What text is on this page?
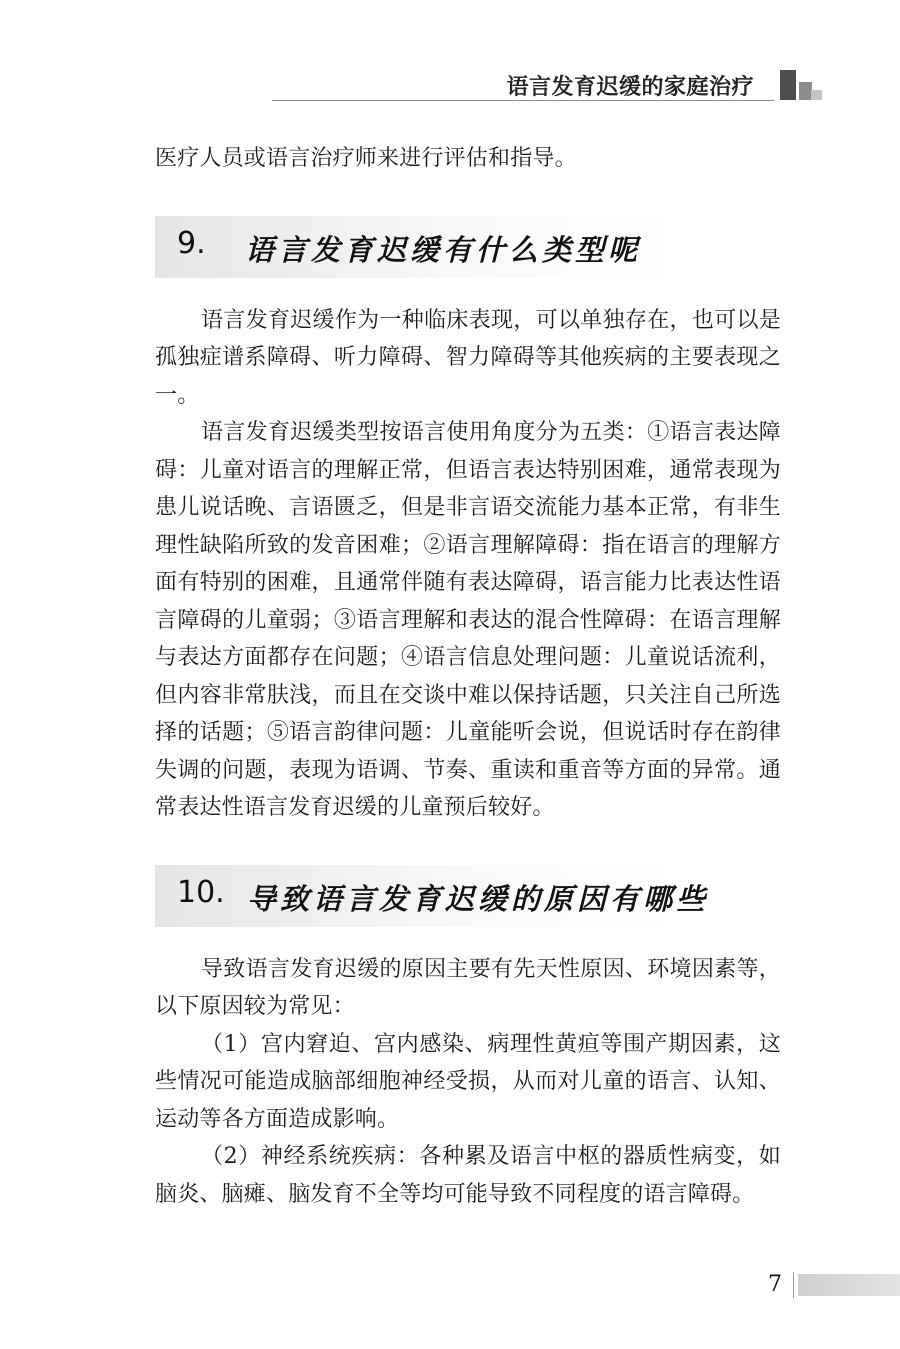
语言发育迟缓的家庭治疗

医疗人员或语言治疗师来进行评估和指导。

9. 语言发育迟缓有什么类型呢

语言发育迟缓作为一种临床表现，可以单独存在，也可以是孤独症谱系障碍、听力障碍、智力障碍等其他疾病的主要表现之一。

语言发育迟缓类型按语言使用角度分为五类：①语言表达障碍：儿童对语言的理解正常，但语言表达特别困难，通常表现为患儿说话晚、言语匮乏，但是非言语交流能力基本正常，有非生理性缺陷所致的发音困难；②语言理解障碍：指在语言的理解方面有特别的困难，且通常伴随有表达障碍，语言能力比表达性语言障碍的儿童弱；③语言理解和表达的混合性障碍：在语言理解与表达方面都存在问题；④语言信息处理问题：儿童说话流利，但内容非常肤浅，而且在交谈中难以保持话题，只关注自己所选择的话题；⑤语言韵律问题：儿童能听会说，但说话时存在韵律失调的问题，表现为语调、节奏、重读和重音等方面的异常。通常表达性语言发育迟缓的儿童预后较好。

10. 导致语言发育迟缓的原因有哪些

导致语言发育迟缓的原因主要有先天性原因、环境因素等，以下原因较为常见：

（1）宫内窘迫、宫内感染、病理性黄疸等围产期因素，这些情况可能造成脑部细胞神经受损，从而对儿童的语言、认知、运动等各方面造成影响。

（2）神经系统疾病：各种累及语言中枢的器质性病变，如脑炎、脑瘫、脑发育不全等均可能导致不同程度的语言障碍。

7
